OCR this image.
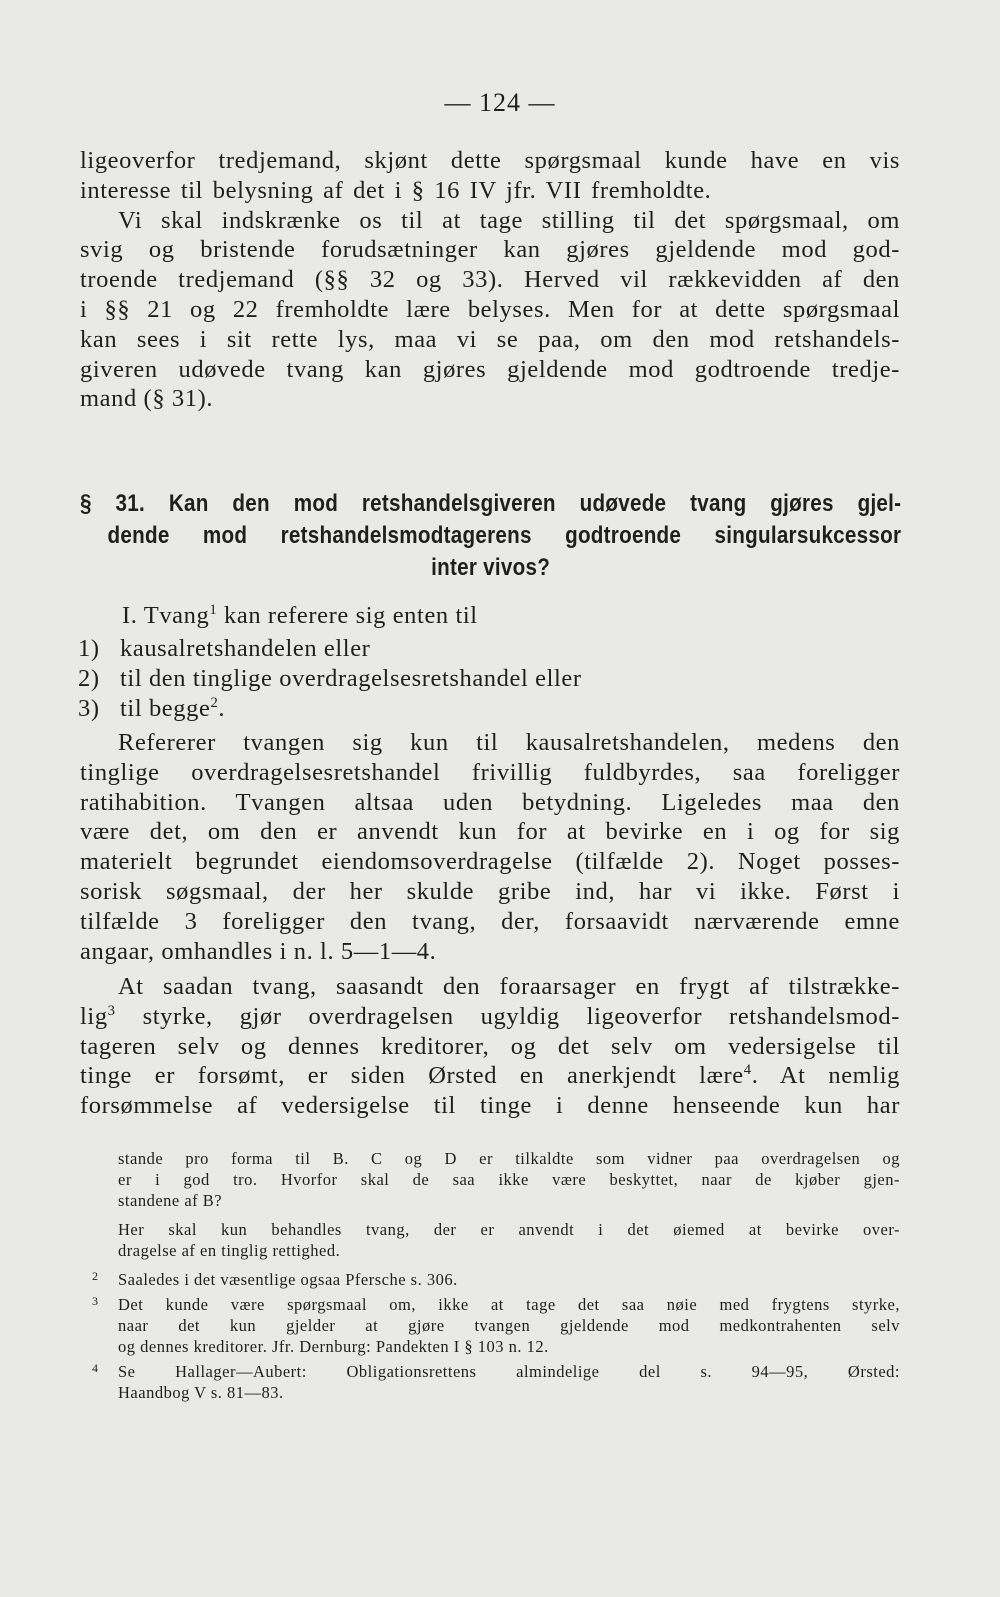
— 124 —
ligeoverfor tredjemand, skjønt dette spørgsmaal kunde have en vis
interesse til belysning af det i § 16 IV jfr. VII fremholdte.
Vi skal indskrænke os til at tage stilling til det spørgsmaal, om
svig og bristende forudsætninger kan gjøres gjeldende mod god-
troende tredjemand (§§ 32 og 33). Herved vil rækkevidden af den
i §§ 21 og 22 fremholdte lære belyses. Men for at dette spørgsmaal
kan sees i sit rette lys, maa vi se paa, om den mod retshandels-
giveren udøvede tvang kan gjøres gjeldende mod godtroende tredje-
mand (§ 31).
§ 31. Kan den mod retshandelsgiveren udøvede tvang gjøres gjel-
dende mod retshandelsmodtagerens godtroende singularsukcessor
inter vivos?
I. Tvang$^1$ kan referere sig enten til
1) kausalretshandelen eller
2) til den tinglige overdragelsesretshandel eller
3) til begge$^2$.
Refererer tvangen sig kun til kausalretshandelen, medens den
tinglige overdragelsesretshandel frivillig fuldbyrdes, saa foreligger
ratihabition. Tvangen altsaa uden betydning. Ligeledes maa den
være det, om den er anvendt kun for at bevirke en i og for sig
materielt begrundet eiendomsoverdragelse (tilfælde 2). Noget posses-
sorisk søgsmaal, der her skulde gribe ind, har vi ikke. Først i
tilfælde 3 foreligger den tvang, der, forsaavidt nærværende emne
angaar, omhandles i n. l. 5—1—4.
At saadan tvang, saasandt den foraarsager en frygt af tilstrække-
lig$^3$ styrke, gjør overdragelsen ugyldig ligeoverfor retshandelsmod-
tageren selv og dennes kreditorer, og det selv om vedersigelse til
tinge er forsømt, er siden Ørsted en anerkjendt lære$^4$. At nemlig
forsømmelse af vedersigelse til tinge i denne henseende kun har
stande pro forma til B. C og D er tilkaldte som vidner paa overdragelsen og
er i god tro. Hvorfor skal de saa ikke være beskyttet, naar de kjøber gjen-
standene af B?
Her skal kun behandles tvang, der er anvendt i det øiemed at bevirke over-
dragelse af en tinglig rettighed.
2 Saaledes i det væsentlige ogsaa Pfersche s. 306.
3 Det kunde være spørgsmaal om, ikke at tage det saa nøie med frygtens styrke,
naar det kun gjelder at gjøre tvangen gjeldende mod medkontrahenten selv
og dennes kreditorer. Jfr. Dernburg: Pandekten I § 103 n. 12.
4 Se Hallager—Aubert: Obligationsrettens almindelige del s. 94—95, Ørsted:
Haandbog V s. 81—83.
